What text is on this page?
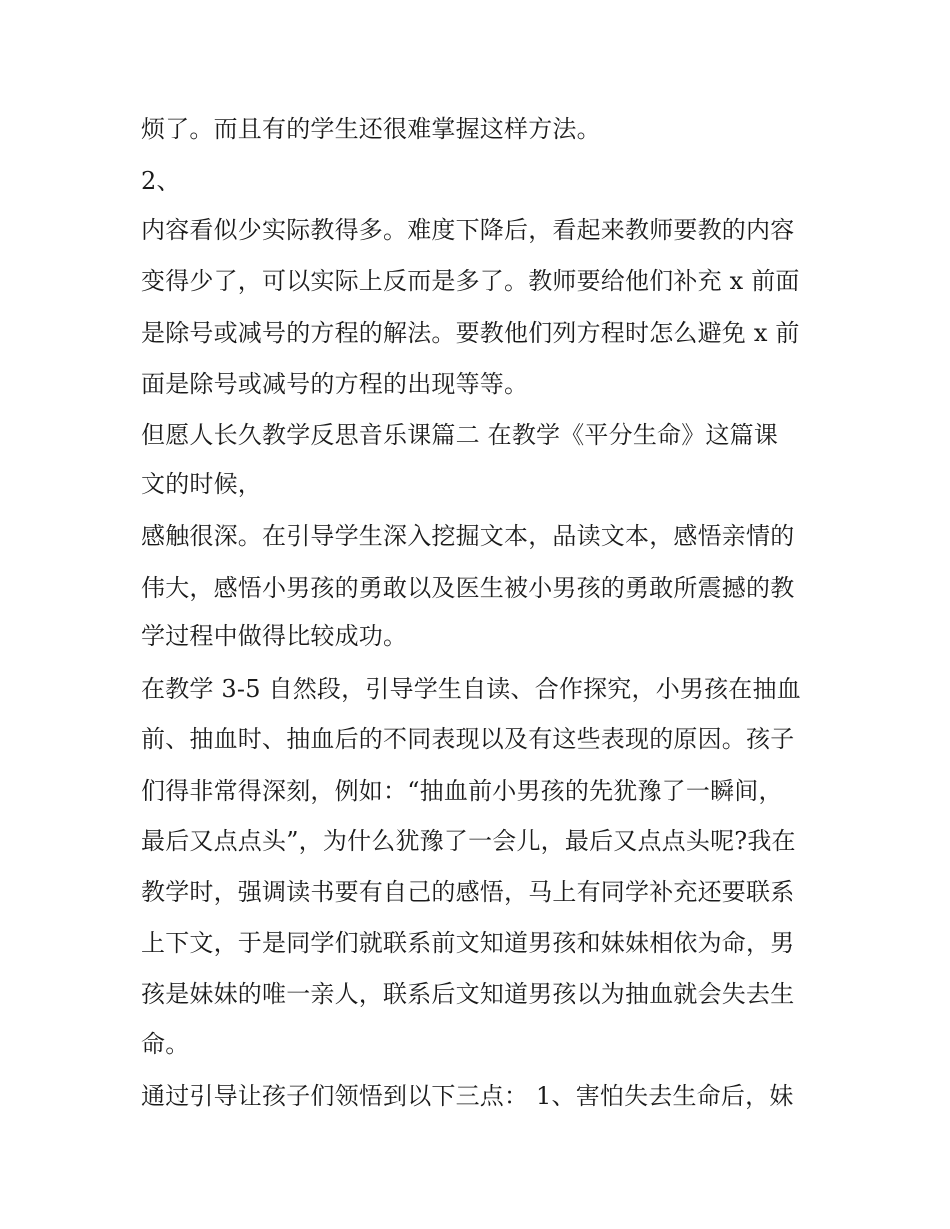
烦了。而且有的学生还很难掌握这样方法。
2、
内容看似少实际教得多。难度下降后，看起来教师要教的内容
变得少了，可以实际上反而是多了。教师要给他们补充 x 前面
是除号或减号的方程的解法。要教他们列方程时怎么避免 x 前
面是除号或减号的方程的出现等等。
但愿人长久教学反思音乐课篇二 在教学《平分生命》这篇课
文的时候，
感触很深。在引导学生深入挖掘文本，品读文本，感悟亲情的
伟大，感悟小男孩的勇敢以及医生被小男孩的勇敢所震撼的教
学过程中做得比较成功。
在教学 3-5 自然段，引导学生自读、合作探究，小男孩在抽血
前、抽血时、抽血后的不同表现以及有这些表现的原因。孩子
们得非常得深刻，例如：“抽血前小男孩的先犹豫了一瞬间，
最后又点点头”，为什么犹豫了一会儿，最后又点点头呢?我在
教学时，强调读书要有自己的感悟，马上有同学补充还要联系
上下文，于是同学们就联系前文知道男孩和妹妹相依为命，男
孩是妹妹的唯一亲人，联系后文知道男孩以为抽血就会失去生
命。
通过引导让孩子们领悟到以下三点： 1、害怕失去生命后，妹
